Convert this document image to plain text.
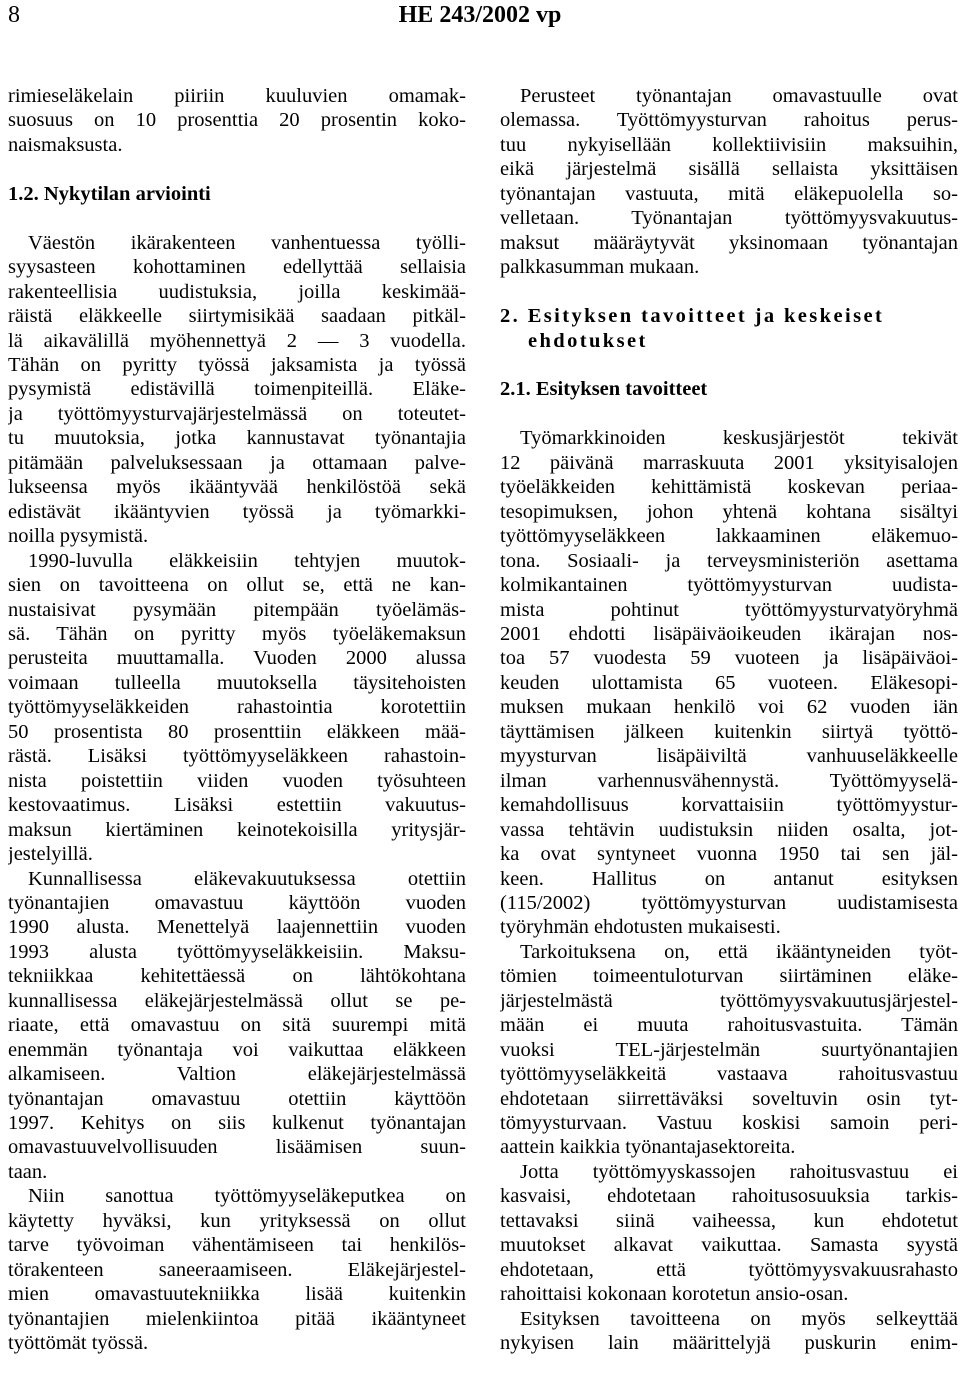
8	HE 243/2002 vp
rimieseläkelain piiriin kuuluvien omamak-
suosuus on 10 prosenttia 20 prosentin koko-
naismaksusta.
1.2. Nykytilan arviointi
Väestön ikärakenteen vanhentuessa työlli-
syysasteen kohottaminen edellyttää sellaisia
rakenteellisia uudistuksia, joilla keskimää-
räistä eläkkeelle siirtymisikää saadaan pitkäl-
lä aikavälillä myöhennettyä 2 — 3 vuodella.
Tähän on pyritty työssä jaksamista ja työssä
pysymistä edistävillä toimenpiteillä. Eläke-
ja työttömyysturvajärjestelmässä on toteutet-
tu muutoksia, jotka kannustavat työnantajia
pitämään palveluksessaan ja ottamaan palve-
lukseensa myös ikääntyvää henkilöstöä sekä
edistävät ikääntyvien työssä ja työmarkki-
noilla pysymistä.
1990-luvulla eläkkeisiin tehtyjen muutok-
sien on tavoitteena on ollut se, että ne kan-
nustaisivat pysymään pitempään työelämäs-
sä. Tähän on pyritty myös työeläkemaksun
perusteita muuttamalla. Vuoden 2000 alussa
voimaan tulleella muutoksella täysitehoisten
työttömyyseläkkeiden rahastointia korotettiin
50 prosentista 80 prosenttiin eläkkeen mää-
rästä. Lisäksi työttömyyseläkkeen rahastoin-
nista poistettiin viiden vuoden työsuhteen
kestovaatimus. Lisäksi estettiin vakuutus-
maksun kiertäminen keinotekoisilla yritysjär-
jestelyillä.
Kunnallisessa eläkevakuutuksessa otettiin
työnantajien omavastuu käyttöön vuoden
1990 alusta. Menettelyä laajennettiin vuoden
1993 alusta työttömyyseläkkeisiin. Maksu-
tekniikkaa kehitettäessä on lähtökohtana
kunnallisessa eläkejärjestelmässä ollut se pe-
riaate, että omavastuu on sitä suurempi mitä
enemmän työnantaja voi vaikuttaa eläkkeen
alkamiseen. Valtion eläkejärjestelmässä
työnantajan omavastuu otettiin käyttöön
1997. Kehitys on siis kulkenut työnantajan
omavastuuvelvollisuuden lisäämisen suun-
taan.
Niin sanottua työttömyyseläkeputkea on
käytetty hyväksi, kun yrityksessä on ollut
tarve työvoiman vähentämiseen tai henkilös-
törakenteen saneeraamiseen. Eläkejärjestel-
mien omavastuutekniikka lisää kuitenkin
työnantajien mielenkiintoa pitää ikääntyneet
työttömät työssä.
Perusteet työnantajan omavastuulle ovat
olemassa. Työttömyysturvan rahoitus perus-
tuu nykyisellään kollektiivisiin maksuihin,
eikä järjestelmä sisällä sellaista yksittäisen
työnantajan vastuuta, mitä eläkepuolella so-
velletaan. Työnantajan työttömyysvakuutus-
maksut määräytyvät yksinomaan työnantajan
palkkasumman mukaan.
2. Esityksen tavoitteet ja keskeiset
ehdotukset
2.1. Esityksen tavoitteet
Työmarkkinoiden keskusjärjestöt tekivät
12 päivänä marraskuuta 2001 yksityisalojen
työeläkkeiden kehittämistä koskevan periaa-
tesopimuksen, johon yhtenä kohtana sisältyi
työttömyyseläkkeen lakkaaminen eläkemuo-
tona. Sosiaali- ja terveysministeriön asettama
kolmikantainen työttömyysturvan uudista-
mista pohtinut työttömyysturvatyöryhmä
2001 ehdotti lisäpäiväoikeuden ikärajan nos-
toa 57 vuodesta 59 vuoteen ja lisäpäiväoi-
keuden ulottamista 65 vuoteen. Eläkesopi-
muksen mukaan henkilö voi 62 vuoden iän
täyttämisen jälkeen kuitenkin siirtyä työttö-
myysturvan lisäpäiviltä vanhuuseläkkeelle
ilman varhennusvähennystä. Työttömyyselä-
kemahdollisuus korvattaisiin työttömyystur-
vassa tehtävin uudistuksin niiden osalta, jot-
ka ovat syntyneet vuonna 1950 tai sen jäl-
keen. Hallitus on antanut esityksen
(115/2002) työttömyysturvan uudistamisesta
työryhmän ehdotusten mukaisesti.
Tarkoituksena on, että ikääntyneiden työt-
tömien toimeentuloturvan siirtäminen eläke-
järjestelmästä työttömyysvakuutusjärjestel-
mään ei muuta rahoitusvastuita. Tämän
vuoksi TEL-järjestelmän suurtyönantajien
työttömyyseläkkeitä vastaava rahoitusvastuu
ehdotetaan siirrettäväksi soveltuvin osin tyt-
tömyysturvaan. Vastuu koskisi samoin peri-
aattein kaikkia työnantajasektoreita.
Jotta työttömyyskassojen rahoitusvastuu ei
kasvaisi, ehdotetaan rahoitusosuuksia tarkis-
tettavaksi siinä vaiheessa, kun ehdotetut
muutokset alkavat vaikuttaa. Samasta syystä
ehdotetaan, että työttömyysvakuusrahasto
rahoittaisi kokonaan korotetun ansio-osan.
Esityksen tavoitteena on myös selkeyttää
nykyisen lain määrittelyjä puskurin enim-
